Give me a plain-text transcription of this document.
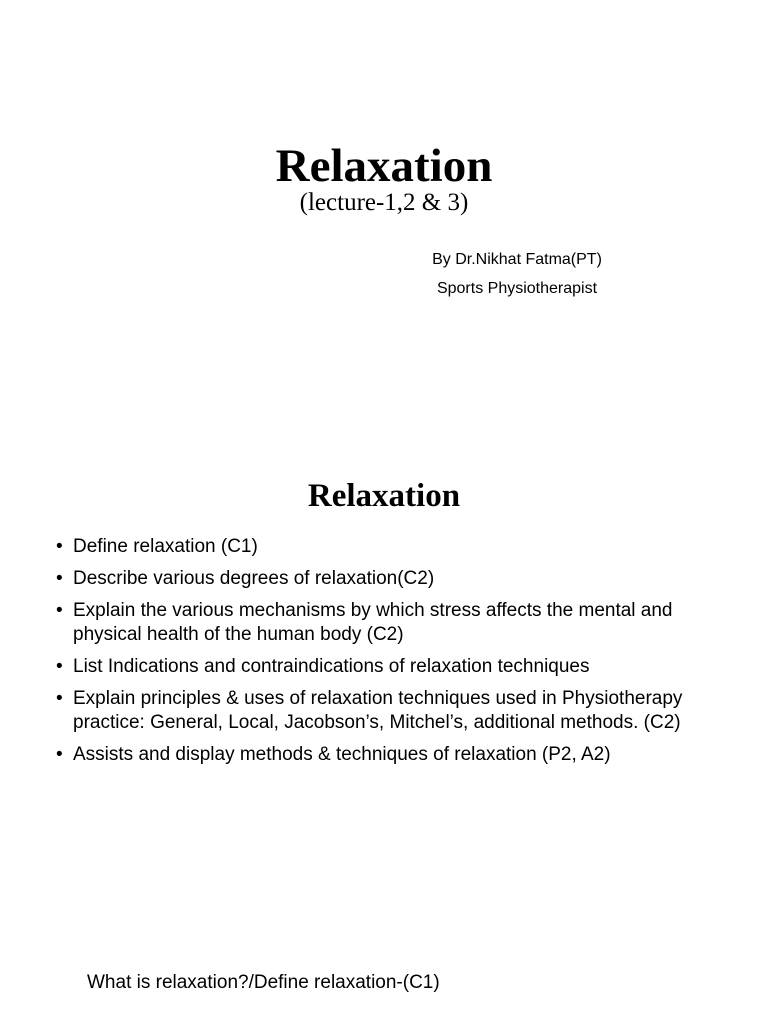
Relaxation
(lecture-1,2 & 3)
By Dr.Nikhat Fatma(PT)
Sports Physiotherapist
Relaxation
• Define relaxation (C1)
• Describe various degrees of relaxation(C2)
• Explain the various mechanisms by which stress affects the mental and physical health of the human body (C2)
• List Indications and contraindications of relaxation techniques
• Explain principles & uses of relaxation techniques used in Physiotherapy practice: General, Local, Jacobson’s, Mitchel’s, additional methods. (C2)
• Assists and display methods & techniques of relaxation (P2, A2)
What is relaxation?/Define relaxation-(C1)
